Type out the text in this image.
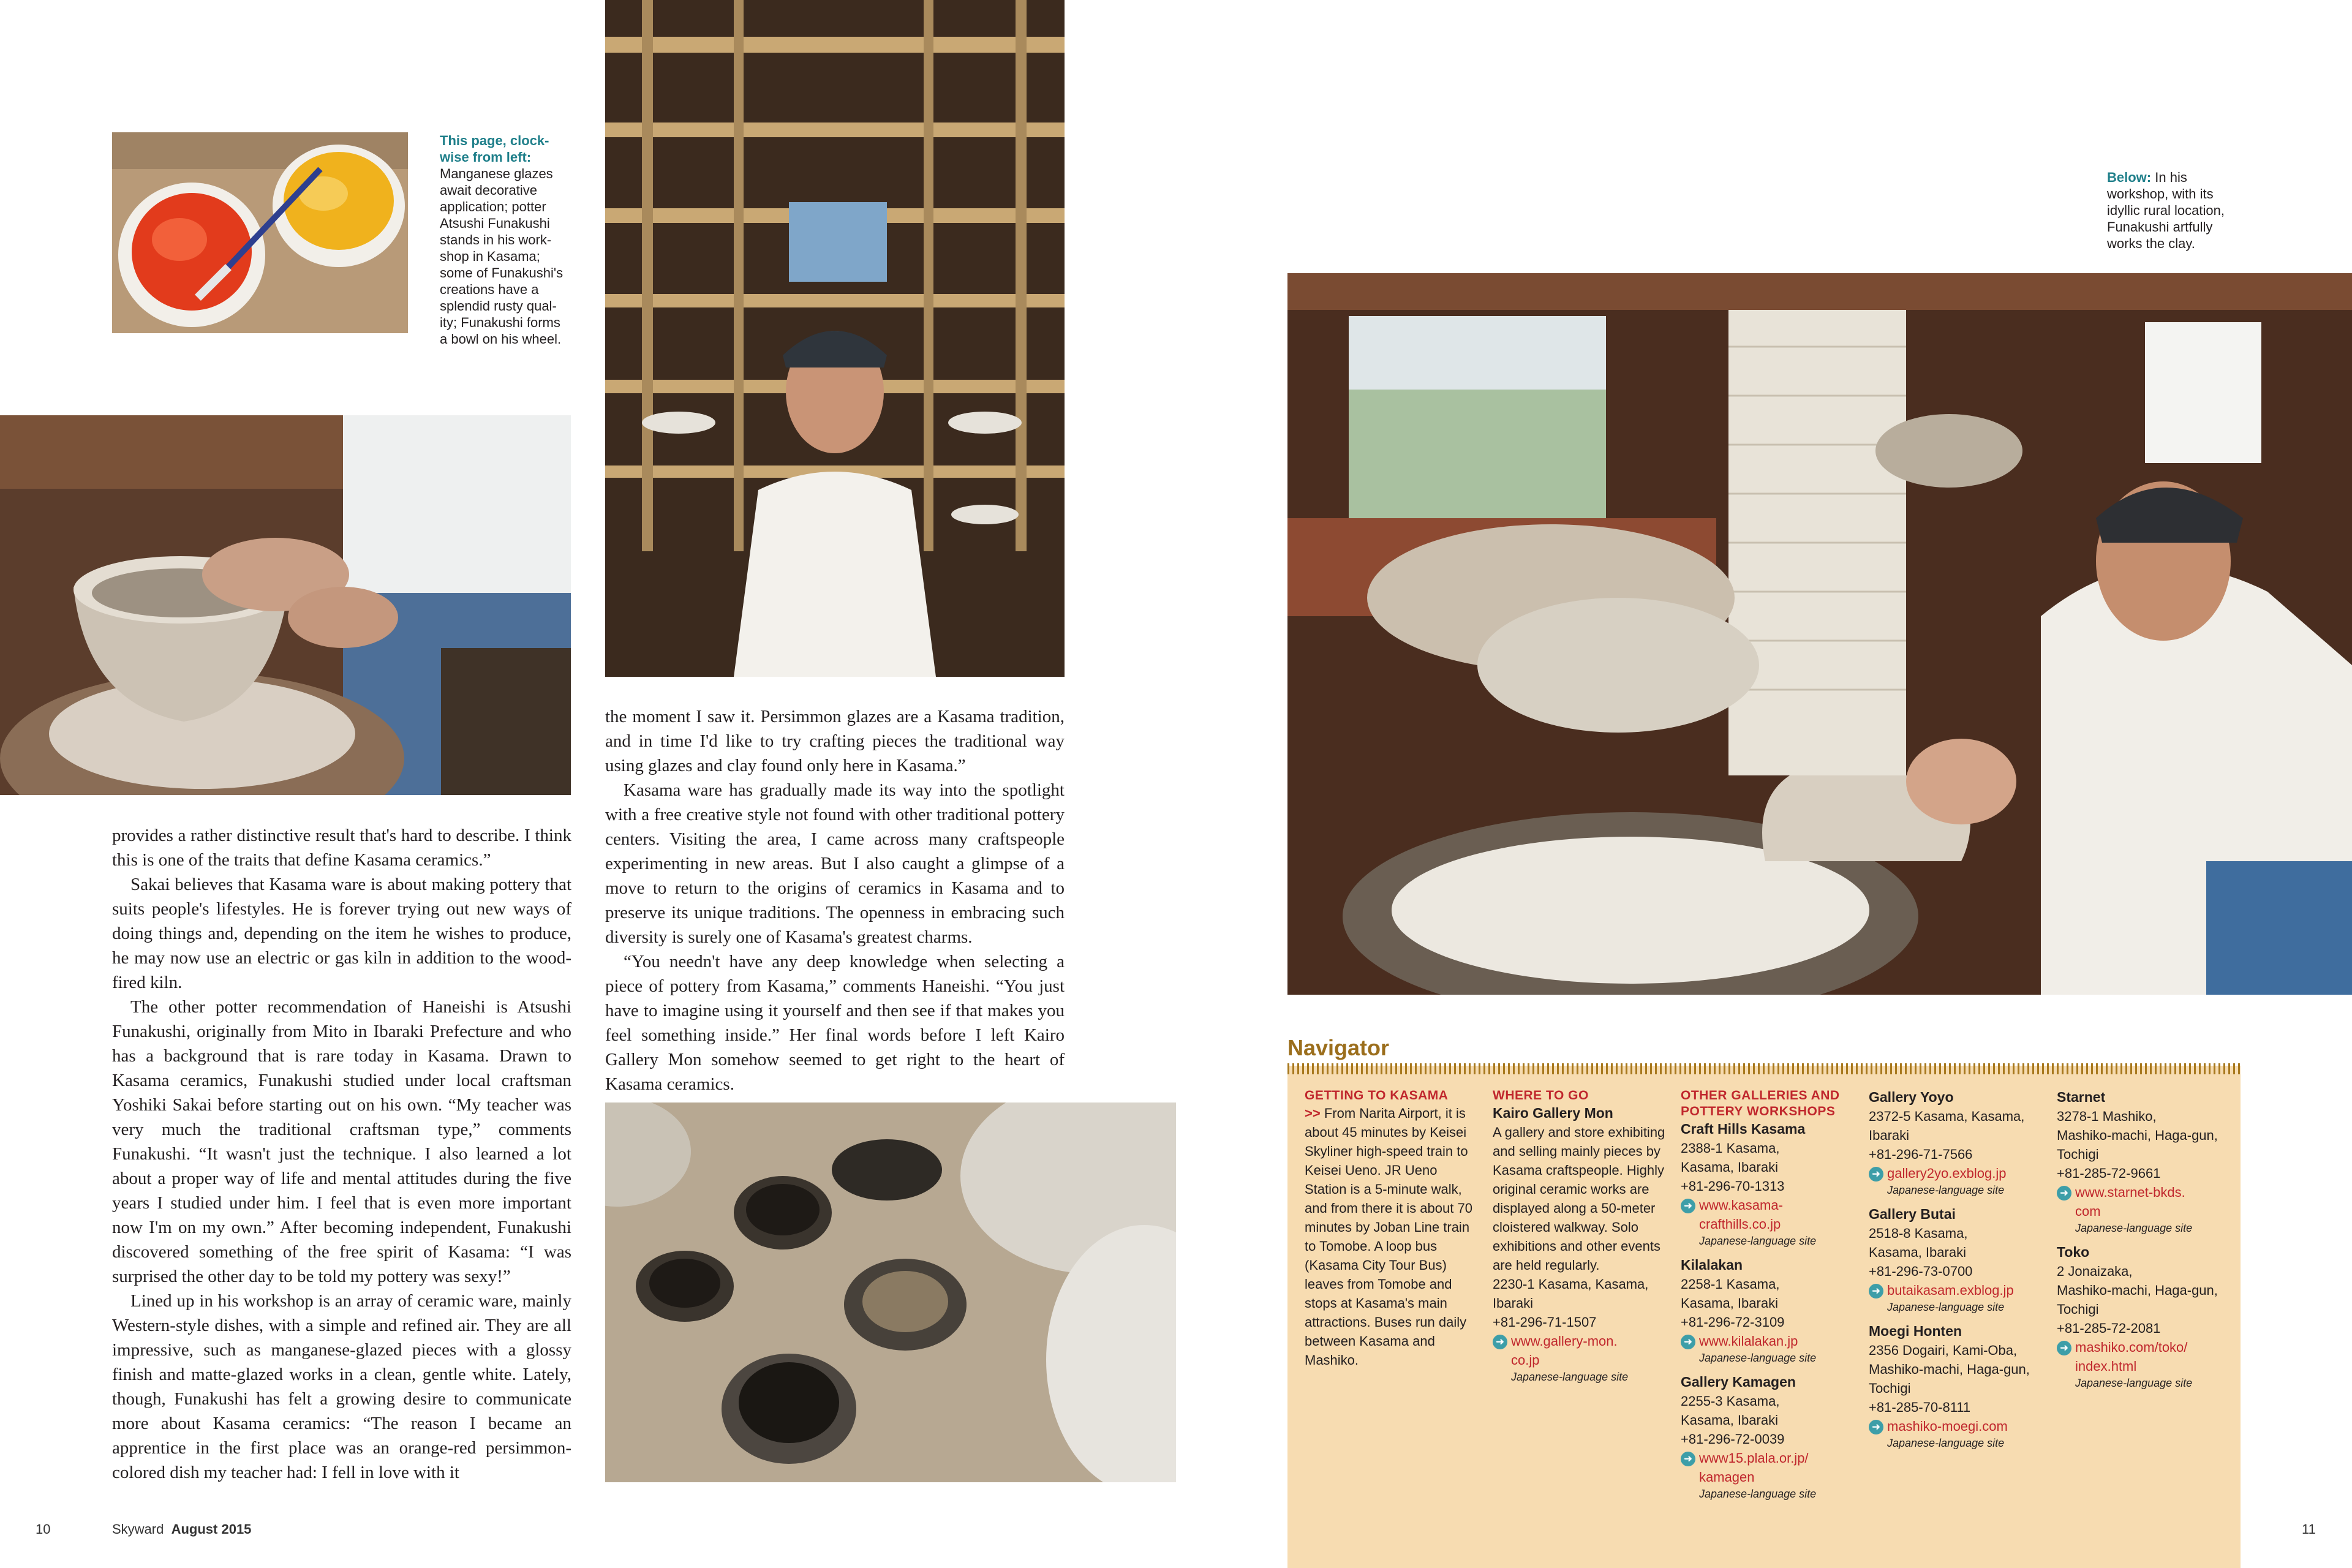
This page, clock-wise from left: Manganese glazes await decorative application; potter Atsushi Funakushi stands in his work-shop in Kasama; some of Funakushi's creations have a splendid rusty qual-ity; Funakushi forms a bowl on his wheel.

provides a rather distinctive result that's hard to describe. I think this is one of the traits that define Kasama ceramics.”

Sakai believes that Kasama ware is about making pottery that suits people's lifestyles. He is forever trying out new ways of doing things and, depending on the item he wishes to produce, he may now use an electric or gas kiln in addition to the wood-fired kiln.

The other potter recommendation of Haneishi is Atsushi Funakushi, originally from Mito in Ibaraki Prefecture and who has a background that is rare today in Kasama. Drawn to Kasama ceramics, Funakushi studied under local craftsman Yoshiki Sakai before starting out on his own. “My teacher was very much the traditional craftsman type,” comments Funakushi. “It wasn't just the technique. I also learned a lot about a proper way of life and mental attitudes during the five years I studied under him. I feel that is even more important now I'm on my own.” After becoming independent, Funakushi discovered something of the free spirit of Kasama: “I was surprised the other day to be told my pottery was sexy!”

Lined up in his workshop is an array of ceramic ware, mainly Western-style dishes, with a simple and refined air. They are all impressive, such as manganese-glazed pieces with a glossy finish and matte-glazed works in a clean, gentle white. Lately, though, Funakushi has felt a growing desire to communicate more about Kasama ceramics: “The reason I became an apprentice in the first place was an orange-red persimmon-colored dish my teacher had: I fell in love with it

the moment I saw it. Persimmon glazes are a Kasama tradition, and in time I'd like to try crafting pieces the traditional way using glazes and clay found only here in Kasama.”

Kasama ware has gradually made its way into the spotlight with a free creative style not found with other traditional pottery centers. Visiting the area, I came across many craftspeople experimenting in new areas. But I also caught a glimpse of a move to return to the origins of ceramics in Kasama and to preserve its unique traditions. The openness in embracing such diversity is surely one of Kasama's greatest charms.

“You needn't have any deep knowledge when selecting a piece of pottery from Kasama,” comments Haneishi. “You just have to imagine using it yourself and then see if that makes you feel something inside.” Her final words before I left Kairo Gallery Mon somehow seemed to get right to the heart of Kasama ceramics.

10	Skyward August 2015
Below: In his workshop, with its idyllic rural location, Funakushi artfully works the clay.
Navigator
GETTING TO KASAMA
>> From Narita Airport, it is about 45 minutes by Keisei Skyliner high-speed train to Keisei Ueno. JR Ueno Station is a 5-minute walk, and from there it is about 70 minutes by Joban Line train to Tomobe. A loop bus (Kasama City Tour Bus) leaves from Tomobe and stops at Kasama's main attractions. Buses run daily between Kasama and Mashiko.
WHERE TO GO
Kairo Gallery Mon
A gallery and store exhibiting and selling mainly pieces by Kasama craftspeople. Highly original ceramic works are displayed along a 50-meter cloistered walkway. Solo exhibitions and other events are held regularly.
2230-1 Kasama, Kasama, Ibaraki
+81-296-71-1507
➜ www.gallery-mon.
co.jp
Japanese-language site
OTHER GALLERIES AND
POTTERY WORKSHOPS
Craft Hills Kasama
2388-1 Kasama,
Kasama, Ibaraki
+81-296-70-1313
➜ www.kasama-
crafthills.co.jp
Japanese-language site
Kilalakan
2258-1 Kasama,
Kasama, Ibaraki
+81-296-72-3109
➜ www.kilalakan.jp
Japanese-language site
Gallery Kamagen
2255-3 Kasama,
Kasama, Ibaraki
+81-296-72-0039
➜ www15.plala.or.jp/
kamagen
Japanese-language site
Gallery Yoyo
2372-5 Kasama, Kasama,
Ibaraki
+81-296-71-7566
➜ gallery2yo.exblog.jp
Japanese-language site
Gallery Butai
2518-8 Kasama,
Kasama, Ibaraki
+81-296-73-0700
➜ butaikasam.exblog.jp
Japanese-language site
Moegi Honten
2356 Dogairi, Kami-Oba,
Mashiko-machi, Haga-gun, Tochigi
+81-285-70-8111
➜ mashiko-moegi.com
Japanese-language site
Starnet
3278-1 Mashiko,
Mashiko-machi, Haga-gun, Tochigi
+81-285-72-9661
➜ www.starnet-bkds.
com
Japanese-language site
Toko
2 Jonaizaka,
Mashiko-machi, Haga-gun, Tochigi
+81-285-72-2081
➜ mashiko.com/toko/
index.html
Japanese-language site
11
